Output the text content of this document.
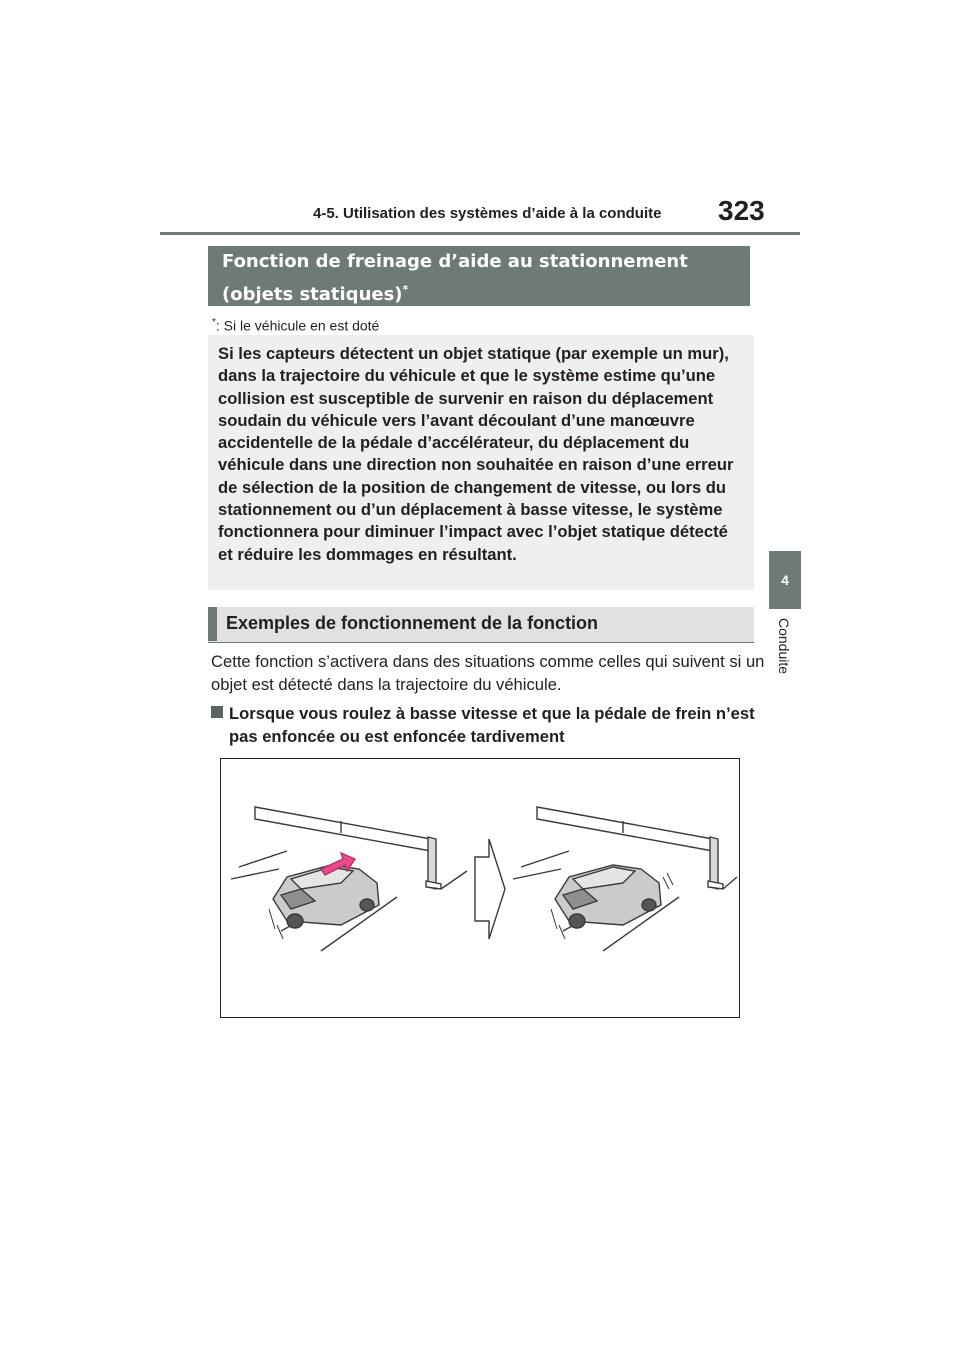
4-5. Utilisation des systèmes d’aide à la conduite 323
4
Conduite
Fonction de freinage d’aide au stationnement
(objets statiques)*
*: Si le véhicule en est doté
Si les capteurs détectent un objet statique (par exemple un mur), dans la trajectoire du véhicule et que le système estime qu’une collision est susceptible de survenir en raison du déplacement soudain du véhicule vers l’avant découlant d’une manœuvre accidentelle de la pédale d’accélérateur, du déplacement du véhicule dans une direction non souhaitée en raison d’une erreur de sélection de la position de changement de vitesse, ou lors du stationnement ou d’un déplacement à basse vitesse, le système fonctionnera pour diminuer l’impact avec l’objet statique détecté et réduire les dommages en résultant.
Exemples de fonctionnement de la fonction
Cette fonction s’activera dans des situations comme celles qui suivent si un objet est détecté dans la trajectoire du véhicule.
Lorsque vous roulez à basse vitesse et que la pédale de frein n’est pas enfoncée ou est enfoncée tardivement
